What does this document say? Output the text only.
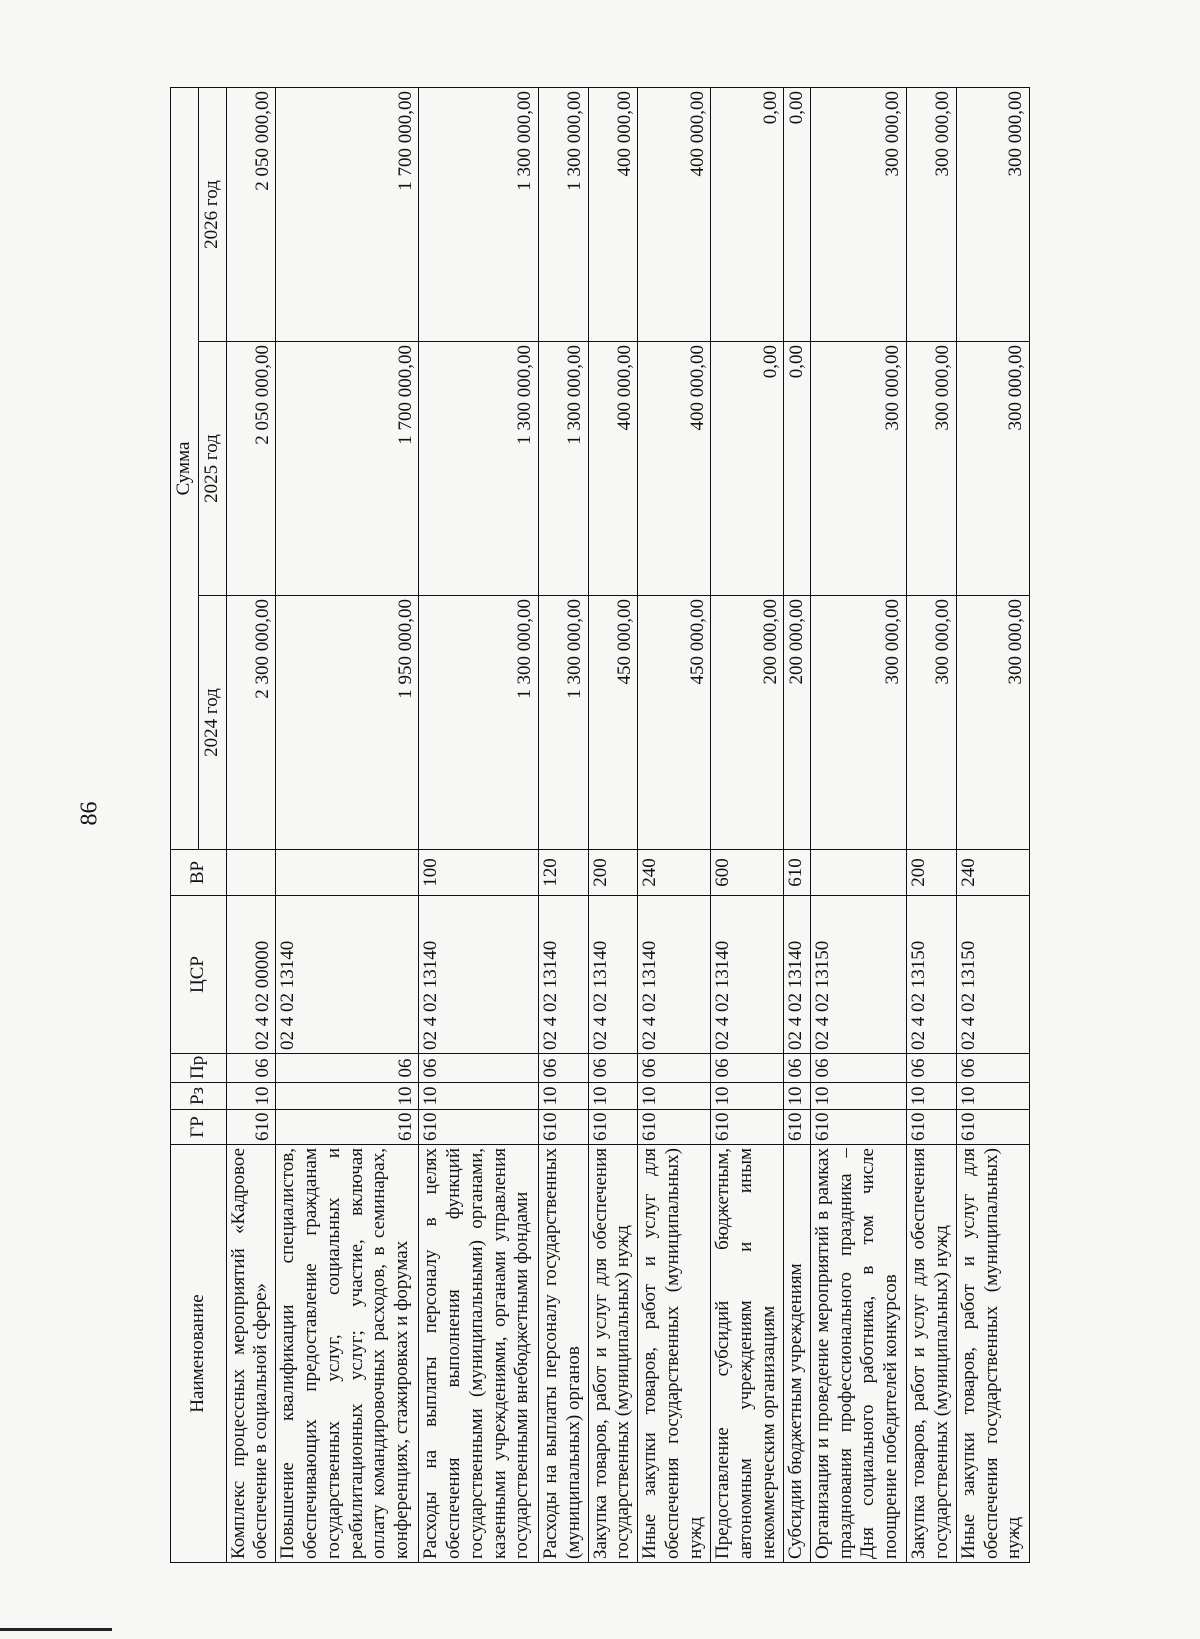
86
Наименование	ГР	Рз	Пр	ЦСР	ВР	Сумма		
						2024 год	2025 год	2026 год
Комплекс процессных мероприятий «Кадровое обеспечение в социальной сфере»	610	10	06	02 4 02 00000		2 300 000,00	2 050 000,00	2 050 000,00
Повышение квалификации специалистов, обеспечивающих предоставление гражданам государственных услуг, социальных и реабилитационных услуг; участие, включая оплату командировочных расходов, в семинарах, конференциях, стажировках и форумах	610	10	06	02 4 02 13140		1 950 000,00	1 700 000,00	1 700 000,00
Расходы на выплаты персоналу в целях обеспечения выполнения функций государственными (муниципальными) органами, казенными учреждениями, органами управления государственными внебюджетными фондами	610	10	06	02 4 02 13140	100	1 300 000,00	1 300 000,00	1 300 000,00
Расходы на выплаты персоналу государственных (муниципальных) органов	610	10	06	02 4 02 13140	120	1 300 000,00	1 300 000,00	1 300 000,00
Закупка товаров, работ и услуг для обеспечения государственных (муниципальных) нужд	610	10	06	02 4 02 13140	200	450 000,00	400 000,00	400 000,00
Иные закупки товаров, работ и услуг для обеспечения государственных (муниципальных) нужд	610	10	06	02 4 02 13140	240	450 000,00	400 000,00	400 000,00
Предоставление субсидий бюджетным, автономным учреждениям и иным некоммерческим организациям	610	10	06	02 4 02 13140	600	200 000,00	0,00	0,00
Субсидии бюджетным учреждениям	610	10	06	02 4 02 13140	610	200 000,00	0,00	0,00
Организация и проведение мероприятий в рамках празднования профессионального праздника – Дня социального работника, в том числе поощрение победителей конкурсов	610	10	06	02 4 02 13150		300 000,00	300 000,00	300 000,00
Закупка товаров, работ и услуг для обеспечения государственных (муниципальных) нужд	610	10	06	02 4 02 13150	200	300 000,00	300 000,00	300 000,00
Иные закупки товаров, работ и услуг для обеспечения государственных (муниципальных) нужд	610	10	06	02 4 02 13150	240	300 000,00	300 000,00	300 000,00
